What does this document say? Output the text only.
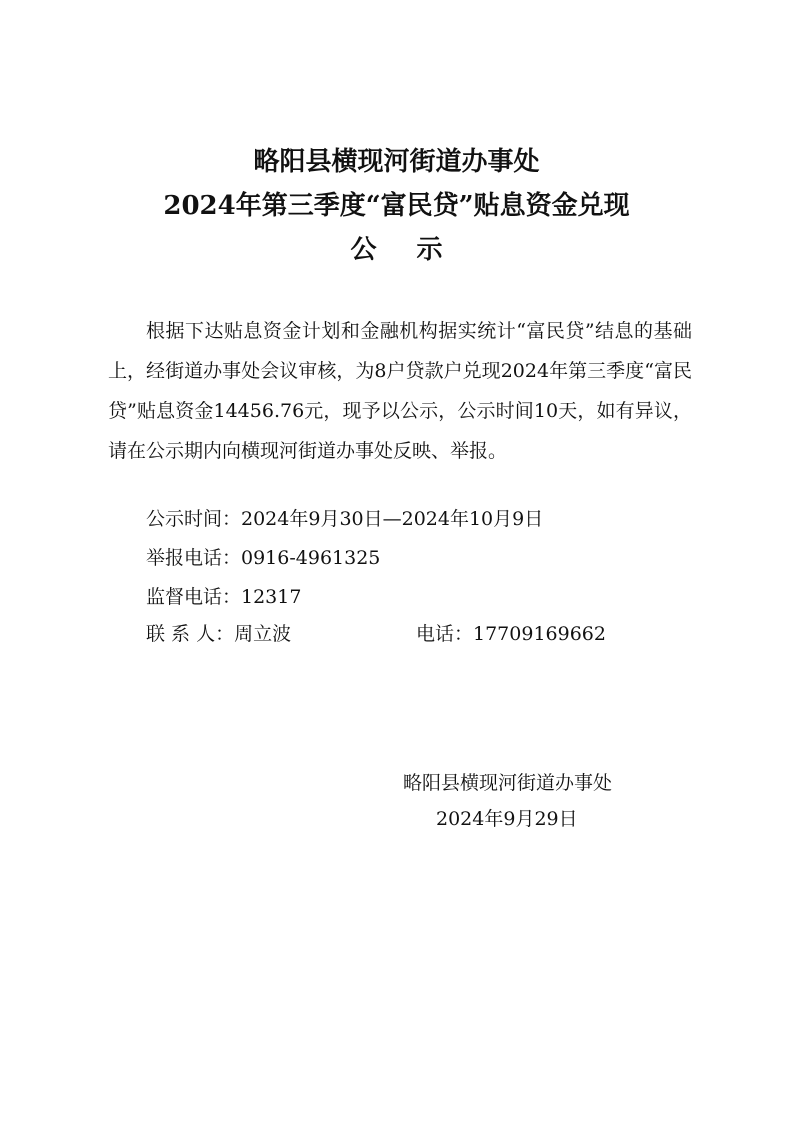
略阳县横现河街道办事处
2024年第三季度“富民贷”贴息资金兑现
公示
根据下达贴息资金计划和金融机构据实统计“富民贷”结息的基础上，经街道办事处会议审核，为8户贷款户兑现2024年第三季度“富民贷”贴息资金14456.76元，现予以公示，公示时间10天，如有异议，请在公示期内向横现河街道办事处反映、举报。
公示时间：2024年9月30日—2024年10月9日
举报电话：0916-4961325
监督电话：12317
联 系 人：周立波	电话：17709169662
略阳县横现河街道办事处
2024年9月29日
